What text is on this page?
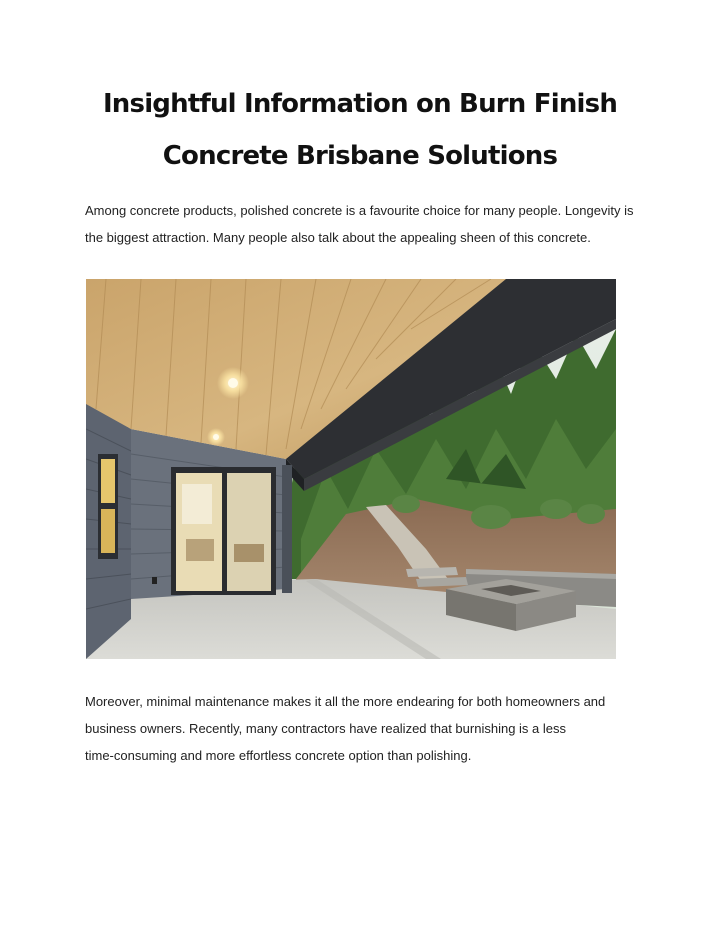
Insightful Information on Burn Finish
Concrete Brisbane Solutions

Among concrete products, polished concrete is a favourite choice for many people. Longevity is
the biggest attraction. Many people also talk about the appealing sheen of this concrete.

Moreover, minimal maintenance makes it all the more endearing for both homeowners and
business owners. Recently, many contractors have realized that burnishing is a less
time-consuming and more effortless concrete option than polishing.
